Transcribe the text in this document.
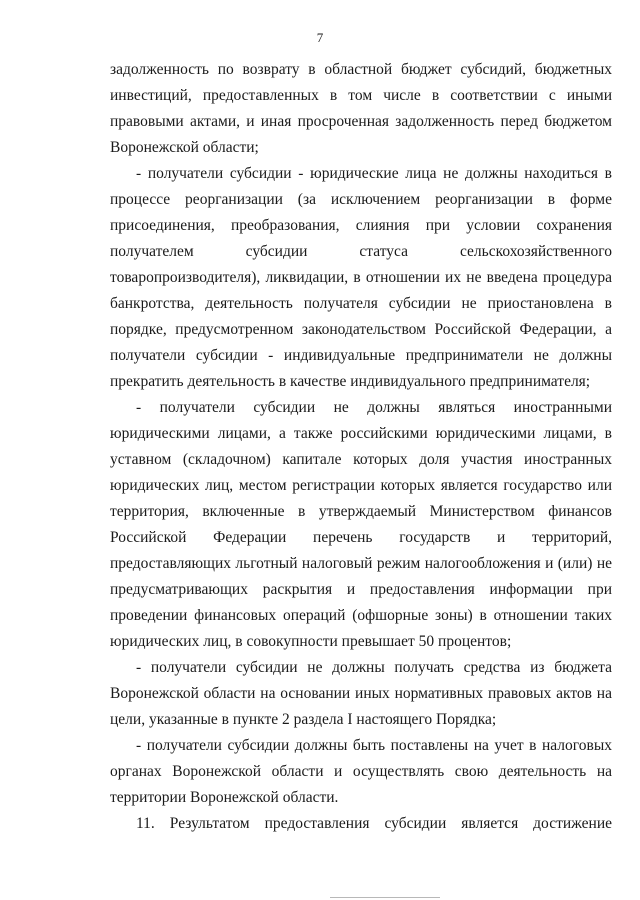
7

задолженность по возврату в областной бюджет субсидий, бюджетных инвестиций, предоставленных в том числе в соответствии с иными правовыми актами, и иная просроченная задолженность перед бюджетом Воронежской области;

- получатели субсидии - юридические лица не должны находиться в процессе реорганизации (за исключением реорганизации в форме присоединения, преобразования, слияния при условии сохранения получателем субсидии статуса сельскохозяйственного товаропроизводителя), ликвидации, в отношении их не введена процедура банкротства, деятельность получателя субсидии не приостановлена в порядке, предусмотренном законодательством Российской Федерации, а получатели субсидии - индивидуальные предприниматели не должны прекратить деятельность в качестве индивидуального предпринимателя;

- получатели субсидии не должны являться иностранными юридическими лицами, а также российскими юридическими лицами, в уставном (складочном) капитале которых доля участия иностранных юридических лиц, местом регистрации которых является государство или территория, включенные в утверждаемый Министерством финансов Российской Федерации перечень государств и территорий, предоставляющих льготный налоговый режим налогообложения и (или) не предусматривающих раскрытия и предоставления информации при проведении финансовых операций (офшорные зоны) в отношении таких юридических лиц, в совокупности превышает 50 процентов;

- получатели субсидии не должны получать средства из бюджета Воронежской области на основании иных нормативных правовых актов на цели, указанные в пункте 2 раздела I настоящего Порядка;

- получатели субсидии должны быть поставлены на учет в налоговых органах Воронежской области и осуществлять свою деятельность на территории Воронежской области.

11. Результатом предоставления субсидии является достижение
